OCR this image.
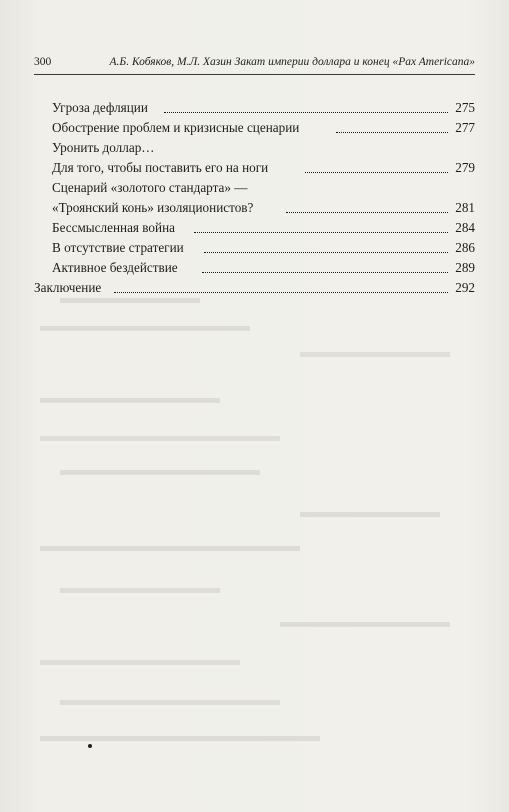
300	А.Б. Кобяков, М.Л. Хазин Закат империи доллара и конец «Pax Americana»
Угроза дефляции	275
Обострение проблем и кризисные сценарии	277
Уронить доллар…
Для того, чтобы поставить его на ноги	279
Сценарий «золотого стандарта» —
«Троянский конь» изоляционистов?	281
Бессмысленная война	284
В отсутствие стратегии	286
Активное бездействие	289
Заключение	292
